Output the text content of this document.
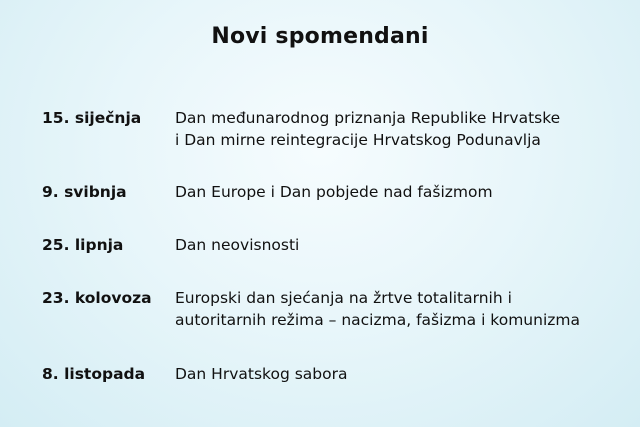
Novi spomendani
15. siječnja Dan međunarodnog priznanja Republike Hrvatske
i Dan mirne reintegracije Hrvatskog Podunavlja
9. svibnja	Dan Europe i Dan pobjede nad fašizmom
25. lipnja	Dan neovisnosti
23. kolovoza Europski dan sjećanja na žrtve totalitarnih i
autoritarnih režima – nacizma, fašizma i komunizma
8. listopada Dan Hrvatskog sabora
